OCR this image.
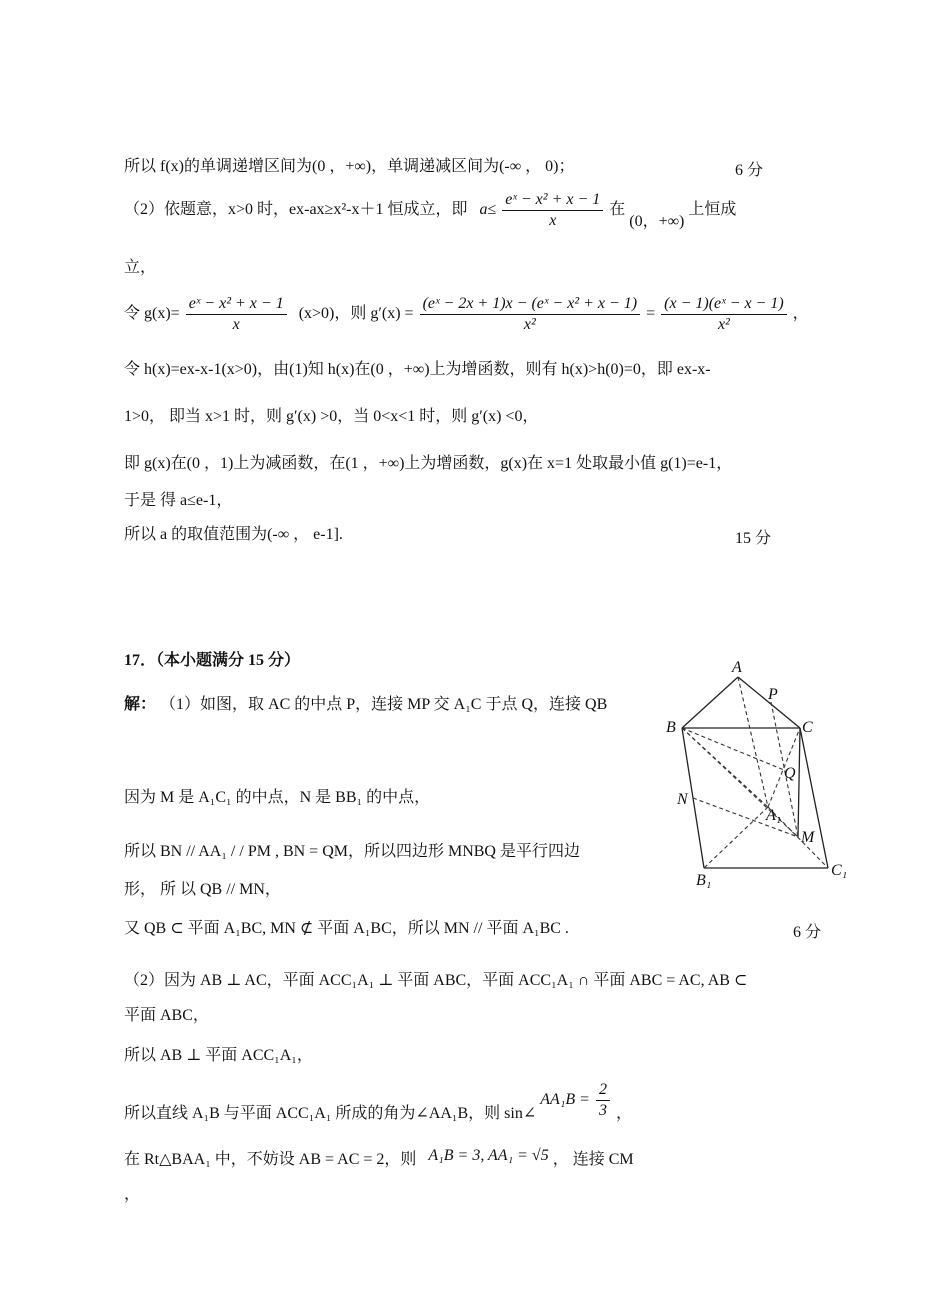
所以 f(x)的单调递增区间为(0 ，+∞)，单调递减区间为(-∞ ， 0)；	6 分
（2）依题意，x>0 时，ex-ax≥x²-x＋1 恒成立，即 $a\le \frac{\text{eˣ − x² + x − 1}}{x}$ 在 (0，+∞) 上恒成
立，
令 $g(x)= \frac{\text{eˣ − x² + x − 1}}{x} (x>0)$，则 $g'(x) = \frac{\text{(eˣ − 2x + 1)x − (eˣ − x² + x − 1)}}{\text{x²}} = \frac{\text{(x − 1)(eˣ − x − 1)}}{\text{x²}}$ ，
令 h(x)=ex-x-1(x>0)，由(1)知 h(x)在(0 ，+∞)上为增函数，则有 h(x)>h(0)=0，即 ex-x-
1>0， 即当 x>1 时，则 g′(x) >0，当 0<x<1 时，则 g′(x) <0，
即 g(x)在(0 ，1)上为减函数，在(1 ，+∞)上为增函数，g(x)在 x=1 处取最小值 g(1)=e-1，
于是 得 a≤e-1，
所以 a 的取值范围为(-∞ ， e-1].	15 分
17．（本小题满分 15 分）
解： （1）如图，取 AC 的中点 P，连接 MP 交 A₁C 于点 Q，连接 QB
因为 M 是 A₁C₁ 的中点，N 是 BB₁ 的中点，
所以 BN // AA₁ / / PM , BN = QM，所以四边形 MNBQ 是平行四边
形， 所 以 QB // MN，
又 QB ⊂ 平面 A₁BC, MN ⊄ 平面 A₁BC，所以 MN // 平面 A₁BC .	6 分
（2）因为 AB ⊥ AC，平面 ACC₁A₁ ⊥ 平面 ABC，平面 ACC₁A₁ ∩ 平面 ABC = AC, AB ⊂
平面 ABC，
所以 AB ⊥ 平面 ACC₁A₁，
所以直线 A₁B 与平面 ACC₁A₁ 所成的角为∠AA₁B，则 sin∠ $AA_1B = \frac{2}{3}$ ，
在 Rt△BAA₁ 中，不妨设 AB = AC = 2，则 A₁B = 3, AA₁ = √5 ， 连接 CM
，
A
P
B	C
Q
N
A₁
M
B₁
C₁
